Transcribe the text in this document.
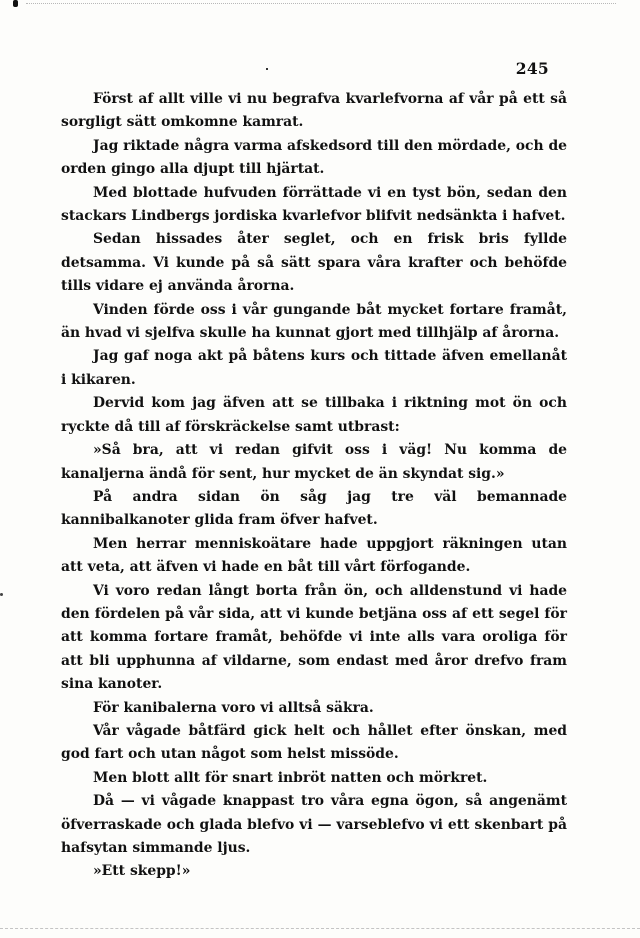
245

Först af allt ville vi nu begrafva kvarlefvorna af vår på ett så sorgligt sätt omkomne kamrat.

Jag riktade några varma afskedsord till den mördade, och de orden gingo alla djupt till hjärtat.

Med blottade hufvuden förrättade vi en tyst bön, sedan den stackars Lindbergs jordiska kvarlefvor blifvit nedsänkta i hafvet.

Sedan hissades åter seglet, och en frisk bris fyllde detsamma. Vi kunde på så sätt spara våra krafter och behöfde tills vidare ej använda årorna.

Vinden förde oss i vår gungande båt mycket fortare framåt, än hvad vi sjelfva skulle ha kunnat gjort med tillhjälp af årorna.

Jag gaf noga akt på båtens kurs och tittade äfven emellanåt i kikaren.

Dervid kom jag äfven att se tillbaka i riktning mot ön och ryckte då till af förskräckelse samt utbrast:

»Så bra, att vi redan gifvit oss i väg! Nu komma de kanaljerna ändå för sent, hur mycket de än skyndat sig.»

På andra sidan ön såg jag tre väl bemannade kannibalkanoter glida fram öfver hafvet.

Men herrar menniskoätare hade uppgjort räkningen utan att veta, att äfven vi hade en båt till vårt förfogande.

Vi voro redan långt borta från ön, och alldenstund vi hade den fördelen på vår sida, att vi kunde betjäna oss af ett segel för att komma fortare framåt, behöfde vi inte alls vara oroliga för att bli upphunna af vildarne, som endast med åror drefvo fram sina kanoter.

För kanibalerna voro vi alltså säkra.

Vår vågade båtfärd gick helt och hållet efter önskan, med god fart och utan något som helst missöde.

Men blott allt för snart inbröt natten och mörkret.

Då — vi vågade knappast tro våra egna ögon, så angenämt öfverraskade och glada blefvo vi — varseblefvo vi ett skenbart på hafsytan simmande ljus.

»Ett skepp!»
